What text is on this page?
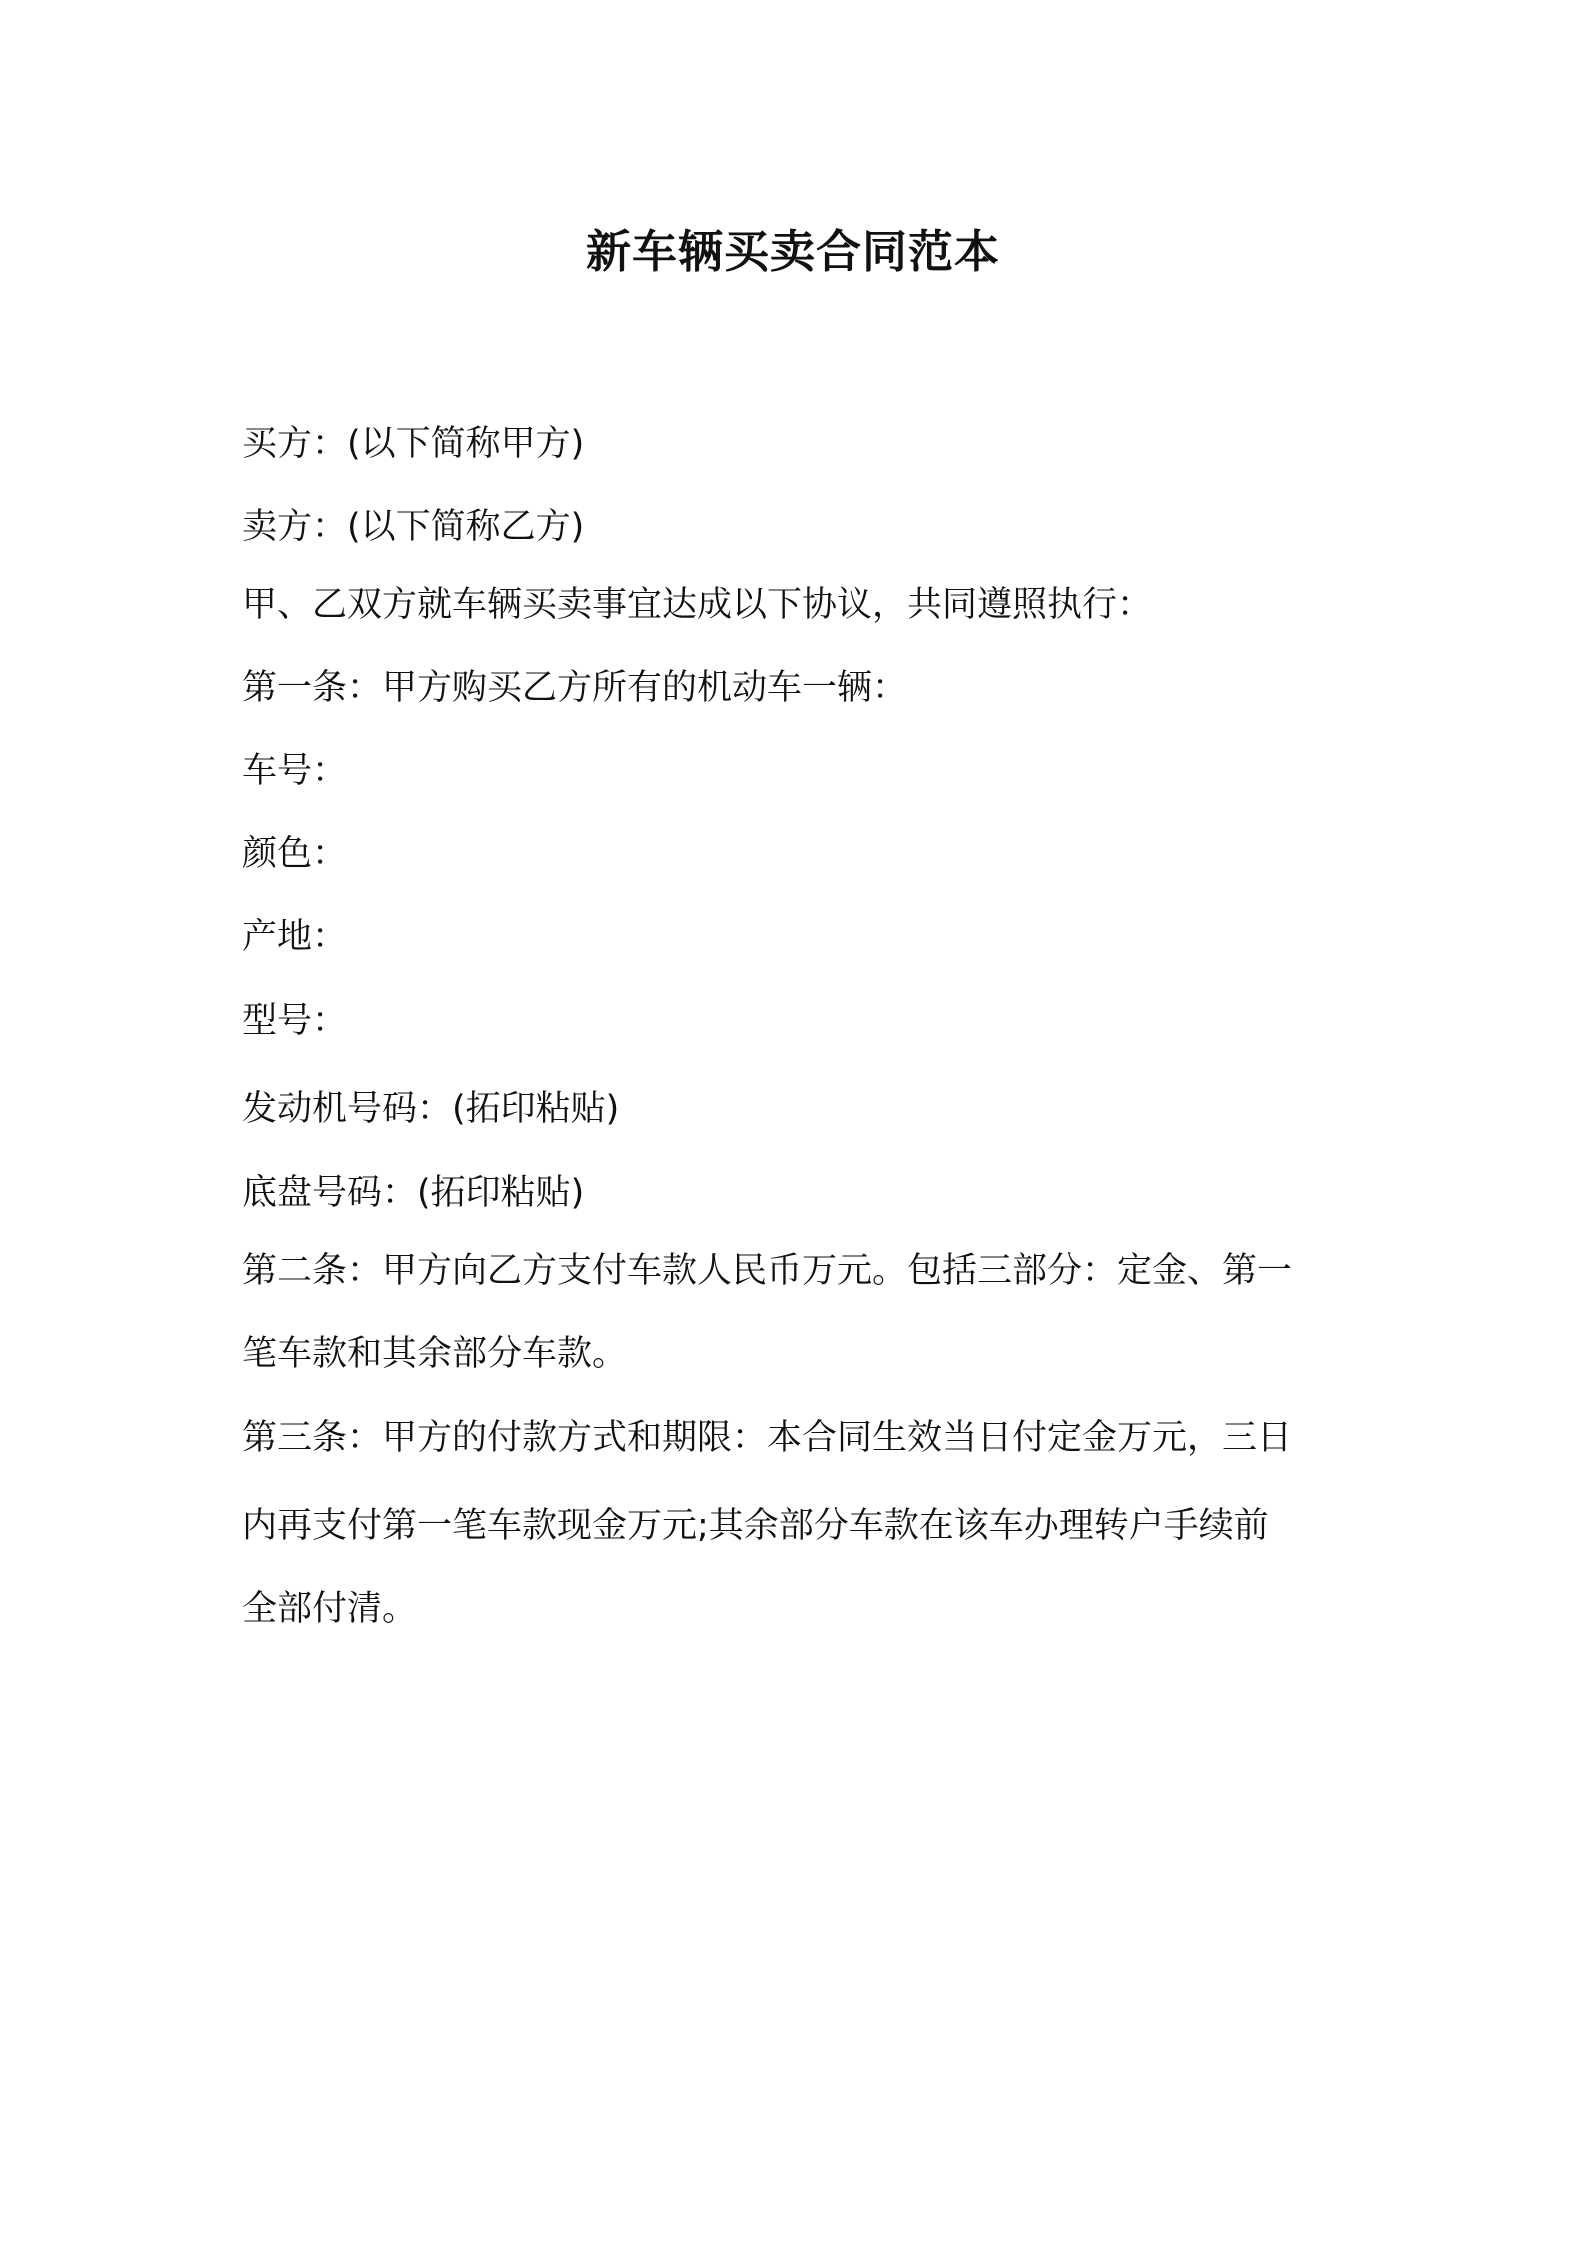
新车辆买卖合同范本
买方：(以下简称甲方)
卖方：(以下简称乙方)
甲、乙双方就车辆买卖事宜达成以下协议，共同遵照执行：
第一条：甲方购买乙方所有的机动车一辆：
车号：
颜色：
产地：
型号：
发动机号码：(拓印粘贴)
底盘号码：(拓印粘贴)
第二条：甲方向乙方支付车款人民币万元。包括三部分：定金、第一
笔车款和其余部分车款。
第三条：甲方的付款方式和期限：本合同生效当日付定金万元，三日
内再支付第一笔车款现金万元;其余部分车款在该车办理转户手续前
全部付清。
